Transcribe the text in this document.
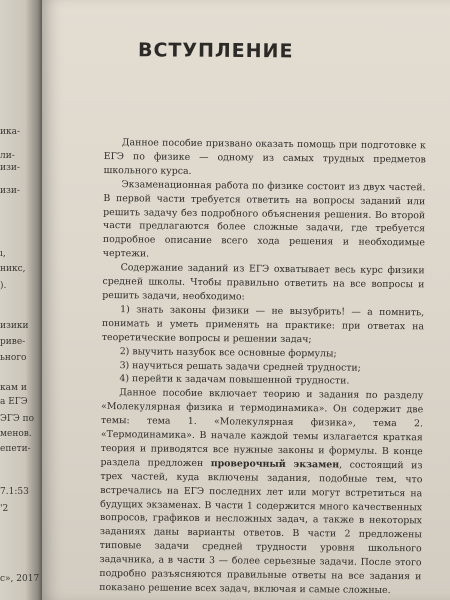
ика-
ли-
изи-
изи-
ı,
никс,
).
изики
риве-
ьного
кам и
а ЕГЭ
ЭГЭ по
менов.
епети-
7.1:53
'2
с», 2017
ВСТУПЛЕНИЕ

Данное пособие призвано оказать помощь при подготовке к ЕГЭ по физике — одному из самых трудных предметов школьного курса.

Экзаменационная работа по физике состоит из двух частей. В первой части требуется ответить на вопросы заданий или решить задачу без подробного объяснения решения. Во второй части предлагаются более сложные задачи, где требуется подробное описание всего хода решения и необходимые чертежи.

Содержание заданий из ЕГЭ охватывает весь курс физики средней школы. Чтобы правильно ответить на все вопросы и решить задачи, необходимо:

1) знать законы физики — не вызубрить! — а помнить, понимать и уметь применять на практике: при ответах на теоретические вопросы и решении задач;

2) выучить назубок все основные формулы;

3) научиться решать задачи средней трудности;

4) перейти к задачам повышенной трудности.

Данное пособие включает теорию и задания по разделу «Молекулярная физика и термодинамика». Он содержит две темы: тема 1. «Молекулярная физика», тема 2. «Термодинамика». В начале каждой темы излагается краткая теория и приводятся все нужные законы и формулы. В конце раздела предложен проверочный экзамен, состоящий из трех частей, куда включены задания, подобные тем, что встречались на ЕГЭ последних лет или могут встретиться на будущих экзаменах. В части 1 содержится много качественных вопросов, графиков и несложных задач, а также в некоторых заданиях даны варианты ответов. В части 2 предложены типовые задачи средней трудности уровня школьного задачника, а в части 3 — более серьезные задачи. После этого подробно разъясняются правильные ответы на все задания и показано решение всех задач, включая и самые сложные.
